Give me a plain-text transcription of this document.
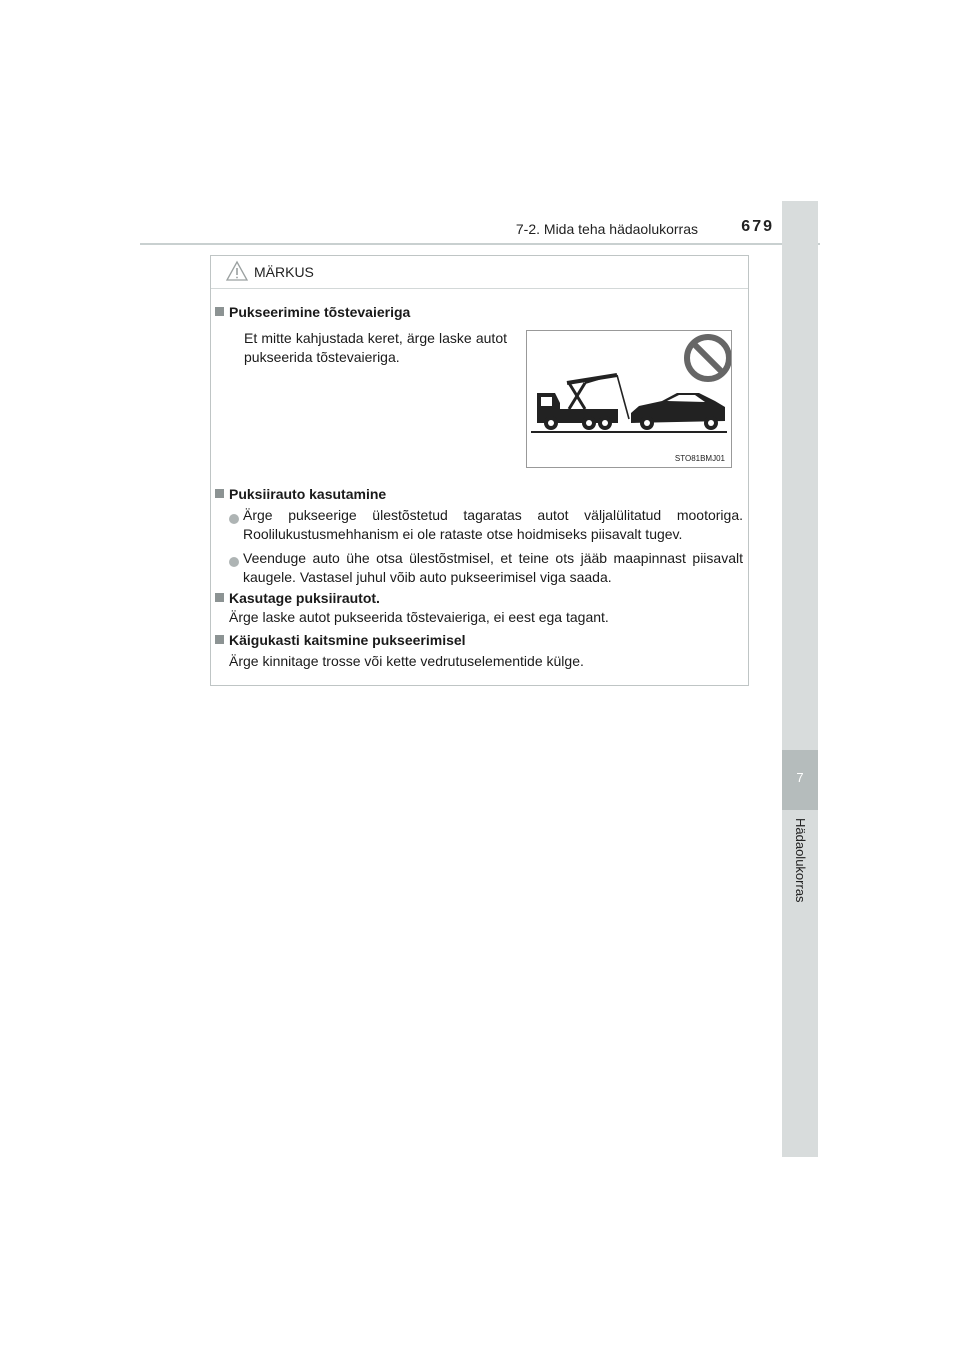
7-2. Mida teha hädaolukorras	679
7
Hädaolukorras
MÄRKUS
Pukseerimine tõstevaieriga
Et mitte kahjustada keret, ärge laske autot pukseerida tõstevaieriga.
STO81BMJ01
Puksiirauto kasutamine
Ärge pukseerige ülestõstetud tagaratas autot väljalülitatud mootoriga. Roolilukustusmehhanism ei ole rataste otse hoidmiseks piisavalt tugev.
Veenduge auto ühe otsa ülestõstmisel, et teine ots jääb maapinnast piisavalt kaugele. Vastasel juhul võib auto pukseerimisel viga saada.
Kasutage puksiirautot.
Ärge laske autot pukseerida tõstevaieriga, ei eest ega tagant.
Käigukasti kaitsmine pukseerimisel
Ärge kinnitage trosse või kette vedrutuselementide külge.
